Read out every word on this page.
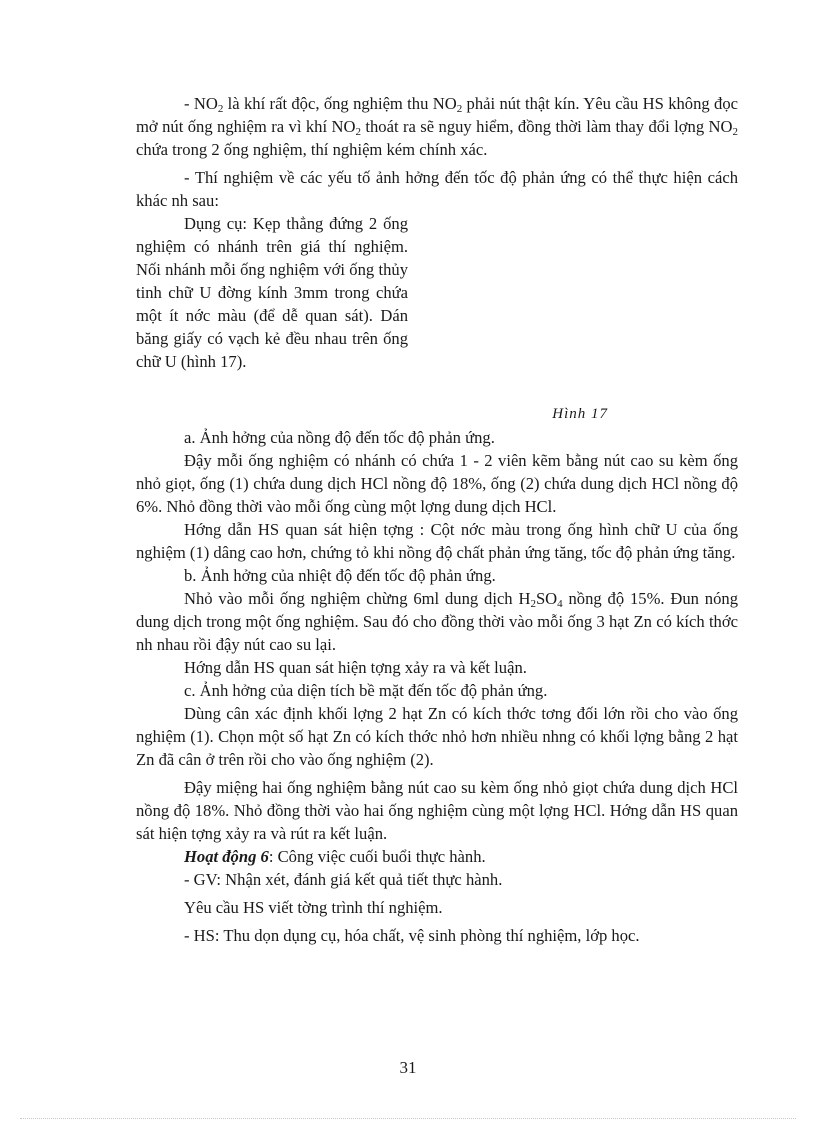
- $NO_2$ là khí rất độc, ống nghiệm thu $NO_2$ phải nút thật kín. Yêu cầu HS không đọc mở nút ống nghiệm ra vì khí $NO_2$ thoát ra sẽ nguy hiểm, đồng thời làm thay đổi lợng $NO_2$ chứa trong 2 ống nghiệm, thí nghiệm kém chính xác.

- Thí nghiệm về các yếu tố ảnh hởng đến tốc độ phản ứng có thể thực hiện cách khác nh sau:

Dụng cụ: Kẹp thẳng đứng 2 ống nghiệm có nhánh trên giá thí nghiệm. Nối nhánh mỗi ống nghiệm với ống thủy tinh chữ U đờng kính 3mm trong chứa một ít nớc màu (để dễ quan sát). Dán băng giấy có vạch kẻ đều nhau trên ống chữ U (hình 17).

Hình 17

a. Ảnh hởng của nồng độ đến tốc độ phản ứng.

Đậy mỗi ống nghiệm có nhánh có chứa 1 - 2 viên kẽm bằng nút cao su kèm ống nhỏ giọt, ống (1) chứa dung dịch HCl nồng độ 18%, ống (2) chứa dung dịch HCl nồng độ 6%. Nhỏ đồng thời vào mỗi ống cùng một lợng dung dịch HCl.

Hớng dẫn HS quan sát hiện tợng : Cột nớc màu trong ống hình chữ U của ống nghiệm (1) dâng cao hơn, chứng tỏ khi nồng độ chất phản ứng tăng, tốc độ phản ứng tăng.

b. Ảnh hởng của nhiệt độ đến tốc độ phản ứng.

Nhỏ vào mỗi ống nghiệm chừng 6ml dung dịch $H_2SO_4$ nồng độ 15%. Đun nóng dung dịch trong một ống nghiệm. Sau đó cho đồng thời vào mỗi ống 3 hạt Zn có kích thớc nh nhau rồi đậy nút cao su lại.

Hớng dẫn HS quan sát hiện tợng xảy ra và kết luận.

c. Ảnh hởng của diện tích bề mặt đến tốc độ phản ứng.

Dùng cân xác định khối lợng 2 hạt Zn có kích thớc tơng đối lớn rồi cho vào ống nghiệm (1). Chọn một số hạt Zn có kích thớc nhỏ hơn nhiều nhng có khối lợng bằng 2 hạt Zn đã cân ở trên rồi cho vào ống nghiệm (2).

Đậy miệng hai ống nghiệm bằng nút cao su kèm ống nhỏ giọt chứa dung dịch HCl nồng độ 18%. Nhỏ đồng thời vào hai ống nghiệm cùng một lợng HCl. Hớng dẫn HS quan sát hiện tợng xảy ra và rút ra kết luận.

Hoạt động 6: Công việc cuối buổi thực hành.

- GV: Nhận xét, đánh giá kết quả tiết thực hành.

Yêu cầu HS viết tờng trình thí nghiệm.

- HS: Thu dọn dụng cụ, hóa chất, vệ sinh phòng thí nghiệm, lớp học.

31
